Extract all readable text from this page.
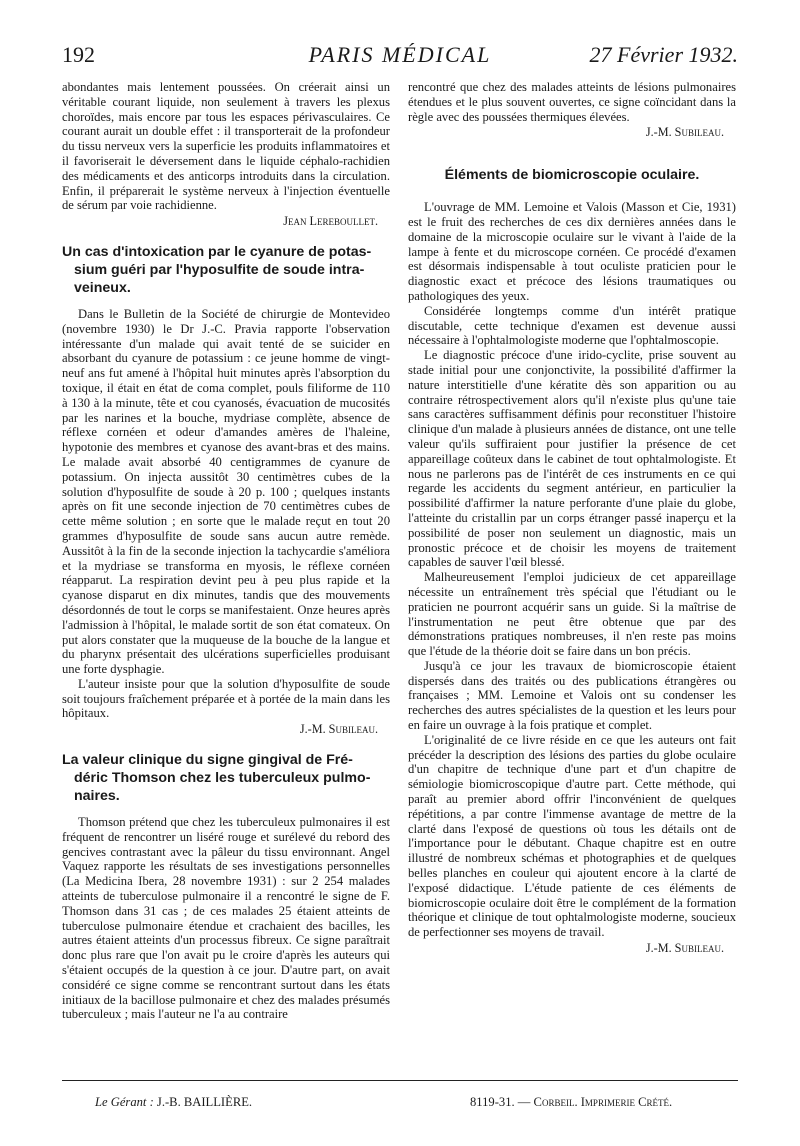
192	PARIS MÉDICAL	27 Février 1932.

abondantes mais lentement poussées. On créerait ainsi un véritable courant liquide, non seulement à travers les plexus choroïdes, mais encore par tous les espaces périvasculaires. Ce courant aurait un double effet : il transporterait de la profondeur du tissu nerveux vers la superficie les produits inflammatoires et il favoriserait le déversement dans le liquide céphalo-rachidien des médicaments et des anticorps introduits dans la circulation. Enfin, il préparerait le système nerveux à l'injection éventuelle de sérum par voie rachidienne.

Jean Lereboullet.
Un cas d'intoxication par le cyanure de potas-
sium guéri par l'hyposulfite de soude intra-veineux.

Dans le Bulletin de la Société de chirurgie de Montevideo (novembre 1930) le Dr J.-C. Pravia rapporte l'observation intéressante d'un malade qui avait tenté de se suicider en absorbant du cyanure de potassium : ce jeune homme de vingt-neuf ans fut amené à l'hôpital huit minutes après l'absorption du toxique, il était en état de coma complet, pouls filiforme de 110 à 130 à la minute, tête et cou cyanosés, évacuation de mucosités par les narines et la bouche, mydriase complète, absence de réflexe cornéen et odeur d'amandes amères de l'haleine, hypotonie des membres et cyanose des avant-bras et des mains. Le malade avait absorbé 40 centigrammes de cyanure de potassium. On injecta aussitôt 30 centimètres cubes de la solution d'hyposulfite de soude à 20 p. 100 ; quelques instants après on fit une seconde injection de 70 centimètres cubes de cette même solution ; en sorte que le malade reçut en tout 20 grammes d'hyposulfite de soude sans aucun autre remède. Aussitôt à la fin de la seconde injection la tachycardie s'améliora et la mydriase se transforma en myosis, le réflexe cornéen réapparut. La respiration devint peu à peu plus rapide et la cyanose disparut en dix minutes, tandis que des mouvements désordonnés de tout le corps se manifestaient. Onze heures après l'admission à l'hôpital, le malade sortit de son état comateux. On put alors constater que la muqueuse de la bouche de la langue et du pharynx présentait des ulcérations superficielles produisant une forte dysphagie.

L'auteur insiste pour que la solution d'hyposulfite de soude soit toujours fraîchement préparée et à portée de la main dans les hôpitaux.

J.-M. Subileau.
La valeur clinique du signe gingival de Fré-
déric Thomson chez les tuberculeux pulmo-naires.

Thomson prétend que chez les tuberculeux pulmonaires il est fréquent de rencontrer un liséré rouge et surélevé du rebord des gencives contrastant avec la pâleur du tissu environnant. Angel Vaquez rapporte les résultats de ses investigations personnelles (La Medicina Ibera, 28 novembre 1931) : sur 2 254 malades atteints de tuberculose pulmonaire il a rencontré le signe de F. Thomson dans 31 cas ; de ces malades 25 étaient atteints de tuberculose pulmonaire étendue et crachaient des bacilles, les autres étaient atteints d'un processus fibreux. Ce signe paraîtrait donc plus rare que l'on avait pu le croire d'après les auteurs qui s'étaient occupés de la question à ce jour. D'autre part, on avait considéré ce signe comme se rencontrant surtout dans les états initiaux de la bacillose pulmonaire et chez des malades présumés tuberculeux ; mais l'auteur ne l'a au contraire

rencontré que chez des malades atteints de lésions pulmonaires étendues et le plus souvent ouvertes, ce signe coïncidant dans la règle avec des poussées thermiques élevées.

J.-M. Subileau.
Éléments de biomicroscopie oculaire.

L'ouvrage de MM. Lemoine et Valois (Masson et Cie, 1931) est le fruit des recherches de ces dix dernières années dans le domaine de la microscopie oculaire sur le vivant à l'aide de la lampe à fente et du microscope cornéen. Ce procédé d'examen est désormais indispensable à tout oculiste praticien pour le diagnostic exact et précoce des lésions traumatiques ou pathologiques des yeux.

Considérée longtemps comme d'un intérêt pratique discutable, cette technique d'examen est devenue aussi nécessaire à l'ophtalmologiste moderne que l'ophtalmoscopie.

Le diagnostic précoce d'une irido-cyclite, prise souvent au stade initial pour une conjonctivite, la possibilité d'affirmer la nature interstitielle d'une kératite dès son apparition ou au contraire rétrospectivement alors qu'il n'existe plus qu'une taie sans caractères suffisamment définis pour reconstituer l'histoire clinique d'un malade à plusieurs années de distance, ont une telle valeur qu'ils suffiraient pour justifier la présence de cet appareillage coûteux dans le cabinet de tout ophtalmologiste. Et nous ne parlerons pas de l'intérêt de ces instruments en ce qui regarde les accidents du segment antérieur, en particulier la possibilité d'affirmer la nature perforante d'une plaie du globe, l'atteinte du cristallin par un corps étranger passé inaperçu et la possibilité de poser non seulement un diagnostic, mais un pronostic précoce et de choisir les moyens de traitement capables de sauver l'œil blessé.

Malheureusement l'emploi judicieux de cet appareillage nécessite un entraînement très spécial que l'étudiant ou le praticien ne pourront acquérir sans un guide. Si la maîtrise de l'instrumentation ne peut être obtenue que par des démonstrations pratiques nombreuses, il n'en reste pas moins que l'étude de la théorie doit se faire dans un bon précis.

Jusqu'à ce jour les travaux de biomicroscopie étaient dispersés dans des traités ou des publications étrangères ou françaises ; MM. Lemoine et Valois ont su condenser les recherches des autres spécialistes de la question et les leurs pour en faire un ouvrage à la fois pratique et complet.

L'originalité de ce livre réside en ce que les auteurs ont fait précéder la description des lésions des parties du globe oculaire d'un chapitre de technique d'une part et d'un chapitre de sémiologie biomicroscopique d'autre part. Cette méthode, qui paraît au premier abord offrir l'inconvénient de quelques répétitions, a par contre l'immense avantage de mettre de la clarté dans l'exposé de questions où tous les détails ont de l'importance pour le débutant. Chaque chapitre est en outre illustré de nombreux schémas et photographies et de quelques belles planches en couleur qui ajoutent encore à la clarté de l'exposé didactique. L'étude patiente de ces éléments de biomicroscopie oculaire doit être le complément de la formation théorique et clinique de tout ophtalmologiste moderne, soucieux de perfectionner ses moyens de travail.

J.-M. Subileau.
Le Gérant : J.-B. BAILLIÈRE.	8119-31. — Corbeil. Imprimerie Crété.
